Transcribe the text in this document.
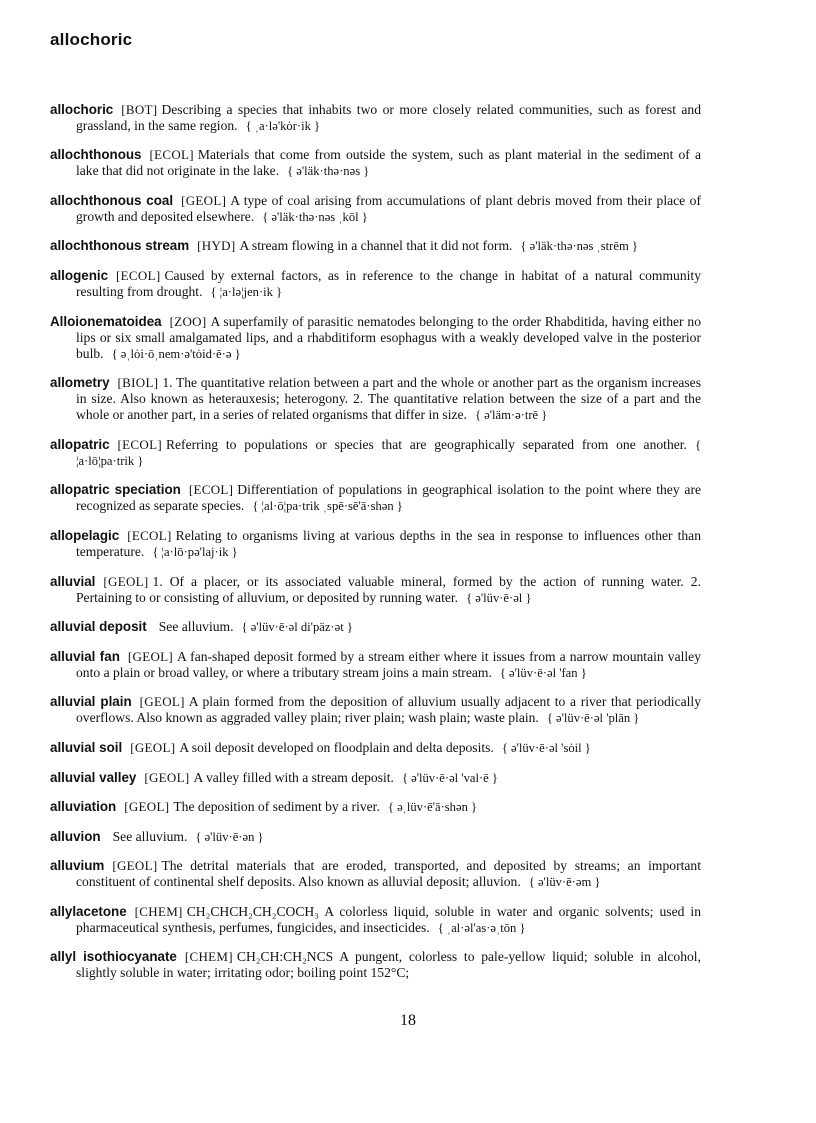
allochoric

allochoric [BOT] Describing a species that inhabits two or more closely related communities, such as forest and grassland, in the same region. { ˌa·lə'kȯr·ik }

allochthonous [ECOL] Materials that come from outside the system, such as plant material in the sediment of a lake that did not originate in the lake. { ə'läk·thə·nəs }

allochthonous coal [GEOL] A type of coal arising from accumulations of plant debris moved from their place of growth and deposited elsewhere. { ə'läk·thə·nəs ˌkōl }

allochthonous stream [HYD] A stream flowing in a channel that it did not form. { ə'läk·thə·nəs ˌstrēm }

allogenic [ECOL] Caused by external factors, as in reference to the change in habitat of a natural community resulting from drought. { ¦a·lə¦jen·ik }

Alloionematoidea [ZOO] A superfamily of parasitic nematodes belonging to the order Rhabditida, having either no lips or six small amalgamated lips, and a rhabditiform esophagus with a weakly developed valve in the posterior bulb. { əˌlȯi·ōˌnem·ə'tȯid·ē·ə }

allometry [BIOL] 1. The quantitative relation between a part and the whole or another part as the organism increases in size. Also known as heterauxesis; heterogony. 2. The quantitative relation between the size of a part and the whole or another part, in a series of related organisms that differ in size. { ə'läm·ə·trē }

allopatric [ECOL] Referring to populations or species that are geographically separated from one another. { ¦a·lō¦pa·trik }

allopatric speciation [ECOL] Differentiation of populations in geographical isolation to the point where they are recognized as separate species. { ¦al·ō¦pa·trik ˌspē·sē'ā·shən }

allopelagic [ECOL] Relating to organisms living at various depths in the sea in response to influences other than temperature. { ¦a·lō·pə'laj·ik }

alluvial [GEOL] 1. Of a placer, or its associated valuable mineral, formed by the action of running water. 2. Pertaining to or consisting of alluvium, or deposited by running water. { ə'lüv·ē·əl }

alluvial deposit See alluvium. { ə'lüv·ē·əl di'päz·ət }

alluvial fan [GEOL] A fan-shaped deposit formed by a stream either where it issues from a narrow mountain valley onto a plain or broad valley, or where a tributary stream joins a main stream. { ə'lüv·ē·əl 'fan }

alluvial plain [GEOL] A plain formed from the deposition of alluvium usually adjacent to a river that periodically overflows. Also known as aggraded valley plain; river plain; wash plain; waste plain. { ə'lüv·ē·əl 'plān }

alluvial soil [GEOL] A soil deposit developed on floodplain and delta deposits. { ə'lüv·ē·əl 'sȯil }

alluvial valley [GEOL] A valley filled with a stream deposit. { ə'lüv·ē·əl 'val·ē }

alluviation [GEOL] The deposition of sediment by a river. { əˌlüv·ē'ā·shən }

alluvion See alluvium. { ə'lüv·ē·ən }

alluvium [GEOL] The detrital materials that are eroded, transported, and deposited by streams; an important constituent of continental shelf deposits. Also known as alluvial deposit; alluvion. { ə'lüv·ē·əm }

allylacetone [CHEM] CH₂CHCH₂CH₂COCH₃ A colorless liquid, soluble in water and organic solvents; used in pharmaceutical synthesis, perfumes, fungicides, and insecticides. { ˌal·əl'as·əˌtōn }

allyl isothiocyanate [CHEM] CH₂CH:CH₂NCS A pungent, colorless to pale-yellow liquid; soluble in alcohol, slightly soluble in water; irritating odor; boiling point 152°C;

18
